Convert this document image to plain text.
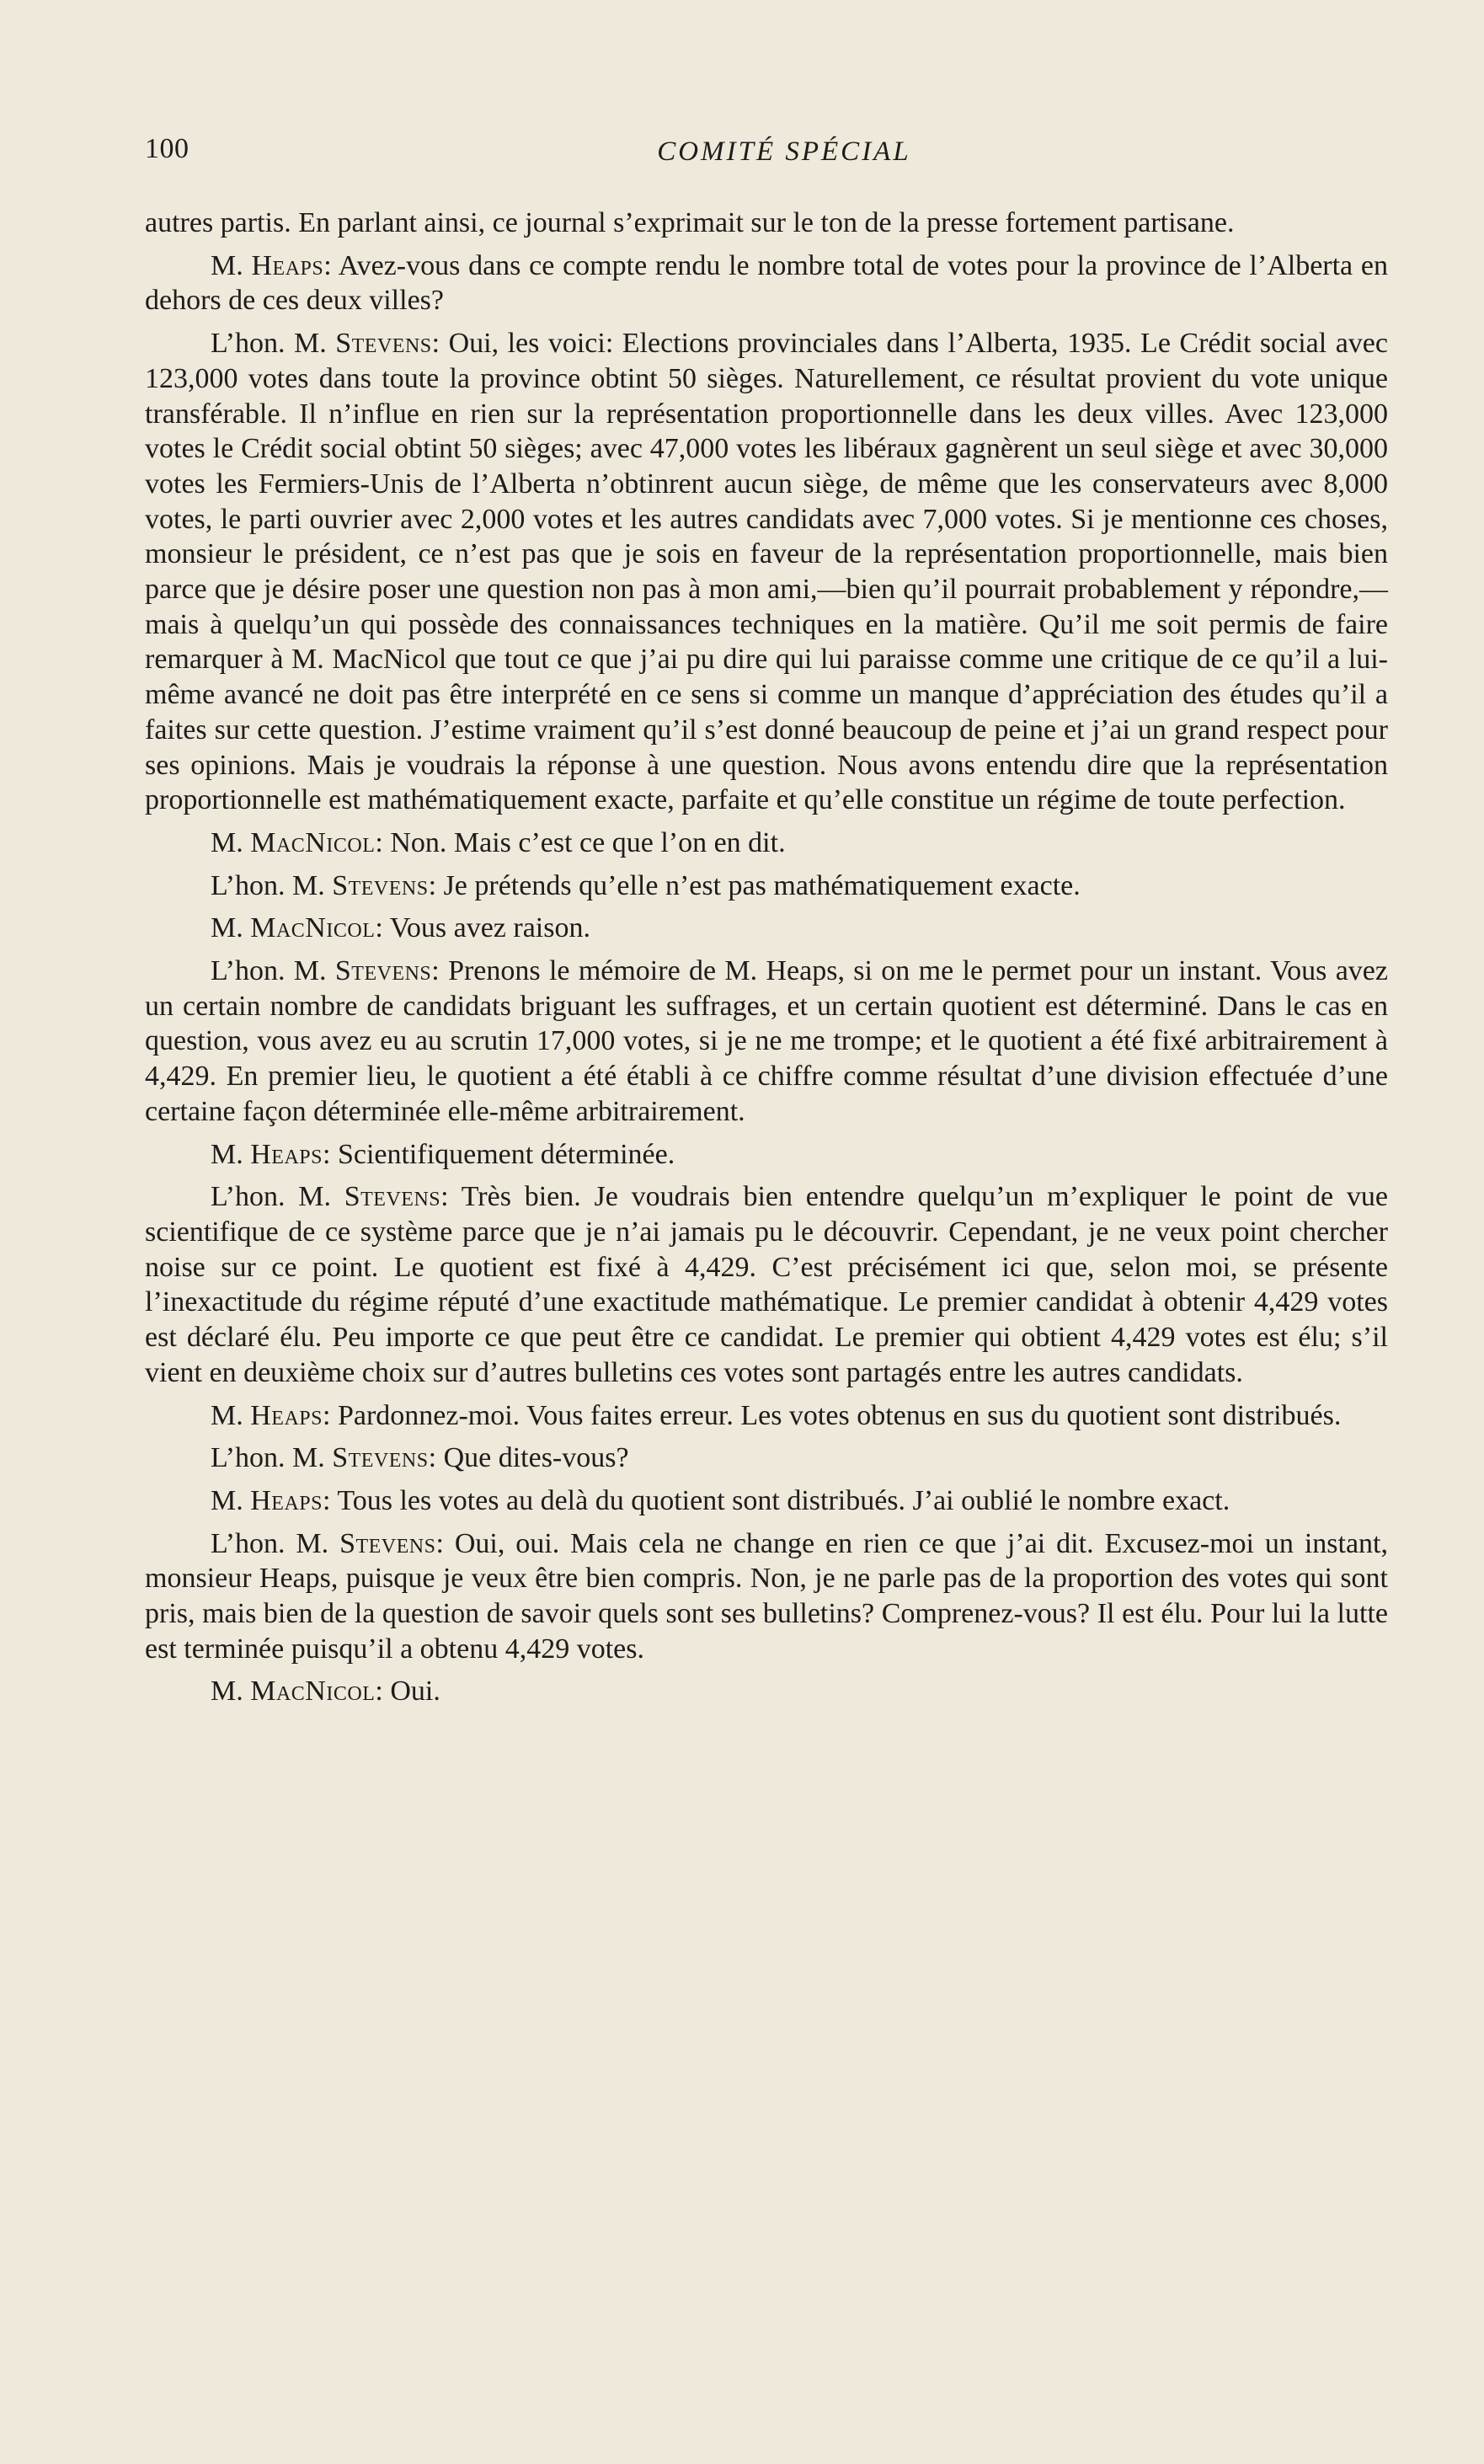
100	COMITÉ SPÉCIAL

autres partis. En parlant ainsi, ce journal s’exprimait sur le ton de la presse fortement partisane.

M. Heaps: Avez-vous dans ce compte rendu le nombre total de votes pour la province de l’Alberta en dehors de ces deux villes?

L’hon. M. Stevens: Oui, les voici: Elections provinciales dans l’Alberta, 1935. Le Crédit social avec 123,000 votes dans toute la province obtint 50 sièges. Naturellement, ce résultat provient du vote unique transférable. Il n’influe en rien sur la représentation proportionnelle dans les deux villes. Avec 123,000 votes le Crédit social obtint 50 sièges; avec 47,000 votes les libéraux gagnèrent un seul siège et avec 30,000 votes les Fermiers-Unis de l’Alberta n’obtinrent aucun siège, de même que les conservateurs avec 8,000 votes, le parti ouvrier avec 2,000 votes et les autres candidats avec 7,000 votes. Si je mentionne ces choses, monsieur le président, ce n’est pas que je sois en faveur de la représentation proportionnelle, mais bien parce que je désire poser une question non pas à mon ami,—bien qu’il pourrait probablement y répondre,—mais à quelqu’un qui possède des connaissances techniques en la matière. Qu’il me soit permis de faire remarquer à M. MacNicol que tout ce que j’ai pu dire qui lui paraisse comme une critique de ce qu’il a lui-même avancé ne doit pas être interprété en ce sens si comme un manque d’appréciation des études qu’il a faites sur cette question. J’estime vraiment qu’il s’est donné beaucoup de peine et j’ai un grand respect pour ses opinions. Mais je voudrais la réponse à une question. Nous avons entendu dire que la représentation proportionnelle est mathématiquement exacte, parfaite et qu’elle constitue un régime de toute perfection.

M. MacNicol: Non. Mais c’est ce que l’on en dit.

L’hon. M. Stevens: Je prétends qu’elle n’est pas mathématiquement exacte.

M. MacNicol: Vous avez raison.

L’hon. M. Stevens: Prenons le mémoire de M. Heaps, si on me le permet pour un instant. Vous avez un certain nombre de candidats briguant les suffrages, et un certain quotient est déterminé. Dans le cas en question, vous avez eu au scrutin 17,000 votes, si je ne me trompe; et le quotient a été fixé arbitrairement à 4,429. En premier lieu, le quotient a été établi à ce chiffre comme résultat d’une division effectuée d’une certaine façon déterminée elle-même arbitrairement.

M. Heaps: Scientifiquement déterminée.

L’hon. M. Stevens: Très bien. Je voudrais bien entendre quelqu’un m’expliquer le point de vue scientifique de ce système parce que je n’ai jamais pu le découvrir. Cependant, je ne veux point chercher noise sur ce point. Le quotient est fixé à 4,429. C’est précisément ici que, selon moi, se présente l’inexactitude du régime réputé d’une exactitude mathématique. Le premier candidat à obtenir 4,429 votes est déclaré élu. Peu importe ce que peut être ce candidat. Le premier qui obtient 4,429 votes est élu; s’il vient en deuxième choix sur d’autres bulletins ces votes sont partagés entre les autres candidats.

M. Heaps: Pardonnez-moi. Vous faites erreur. Les votes obtenus en sus du quotient sont distribués.

L’hon. M. Stevens: Que dites-vous?

M. Heaps: Tous les votes au delà du quotient sont distribués. J’ai oublié le nombre exact.

L’hon. M. Stevens: Oui, oui. Mais cela ne change en rien ce que j’ai dit. Excusez-moi un instant, monsieur Heaps, puisque je veux être bien compris. Non, je ne parle pas de la proportion des votes qui sont pris, mais bien de la question de savoir quels sont ses bulletins? Comprenez-vous? Il est élu. Pour lui la lutte est terminée puisqu’il a obtenu 4,429 votes.

M. MacNicol: Oui.
